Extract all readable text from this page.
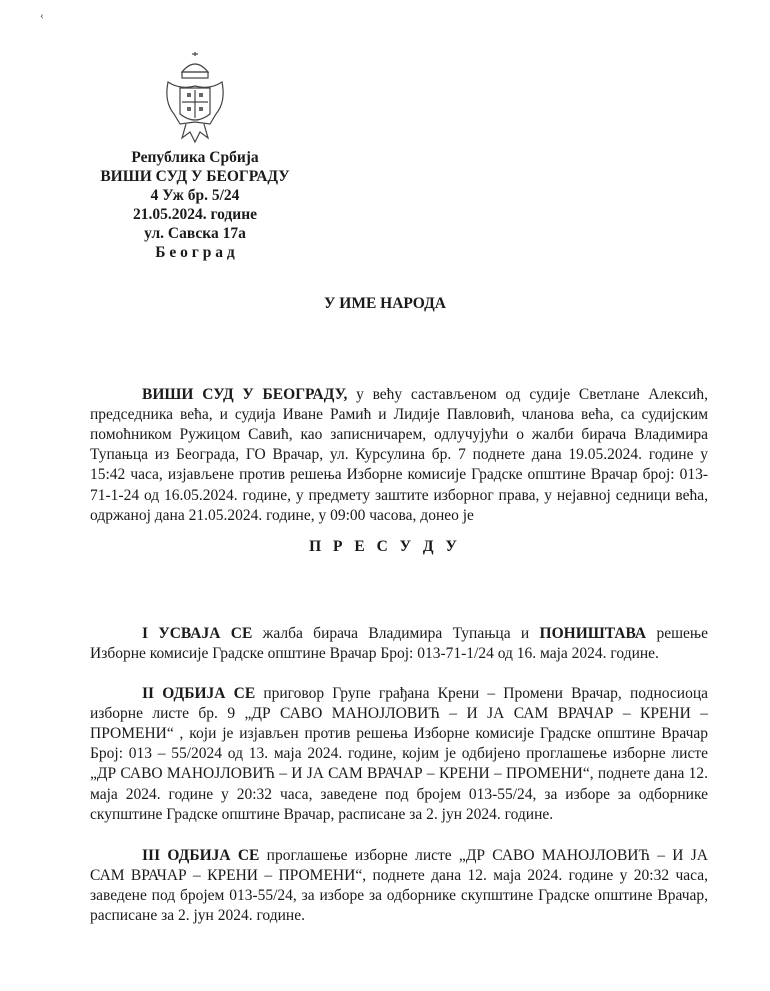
‹
Република Србија
ВИШИ СУД У БЕОГРАДУ
4 Уж бр. 5/24
21.05.2024. године
ул. Савска 17а
Б е о г р а д
У ИМЕ НАРОДА

ВИШИ СУД У БЕОГРАДУ, у већу састављеном од судије Светлане Алексић, председника већа, и судија Иване Рамић и Лидије Павловић, чланова већа, са судијским помоћником Ружицом Савић, као записничарем, одлучујући о жалби бирача Владимира Тупањца из Београда, ГО Врачар, ул. Курсулина бр. 7 поднете дана 19.05.2024. године у 15:42 часа, изјављене против решења Изборне комисије Градске општине Врачар број: 013-71-1-24 од 16.05.2024. године, у предмету заштите изборног права, у нејавној седници већа, одржаној дана 21.05.2024. године, у 09:00 часова, донео је

П Р Е С У Д У

I УСВАЈА СЕ жалба бирача Владимира Тупањца и ПОНИШТАВА решење Изборне комисије Градске општине Врачар Број: 013-71-1/24 од 16. маја 2024. године.

II ОДБИЈА СЕ приговор Групе грађана Крени – Промени Врачар, подносиоца изборне листе бр. 9 „ДР САВО МАНОЈЛОВИЋ – И ЈА САМ ВРАЧАР – КРЕНИ – ПРОМЕНИ“ , који је изјављен против решења Изборне комисије Градске општине Врачар Број: 013 – 55/2024 од 13. маја 2024. године, којим је одбијено проглашење изборне листе „ДР САВО МАНОЈЛОВИЋ – И ЈА САМ ВРАЧАР – КРЕНИ – ПРОМЕНИ“, поднете дана 12. маја 2024. године у 20:32 часа, заведене под бројем 013-55/24, за изборе за одборнике скупштине Градске општине Врачар, расписане за 2. јун 2024. године.

III ОДБИЈА СЕ проглашење изборне листе „ДР САВО МАНОЈЛОВИЋ – И ЈА САМ ВРАЧАР – КРЕНИ – ПРОМЕНИ“, поднете дана 12. маја 2024. године у 20:32 часа, заведене под бројем 013-55/24, за изборе за одборнике скупштине Градске општине Врачар, расписане за 2. јун 2024. године.
